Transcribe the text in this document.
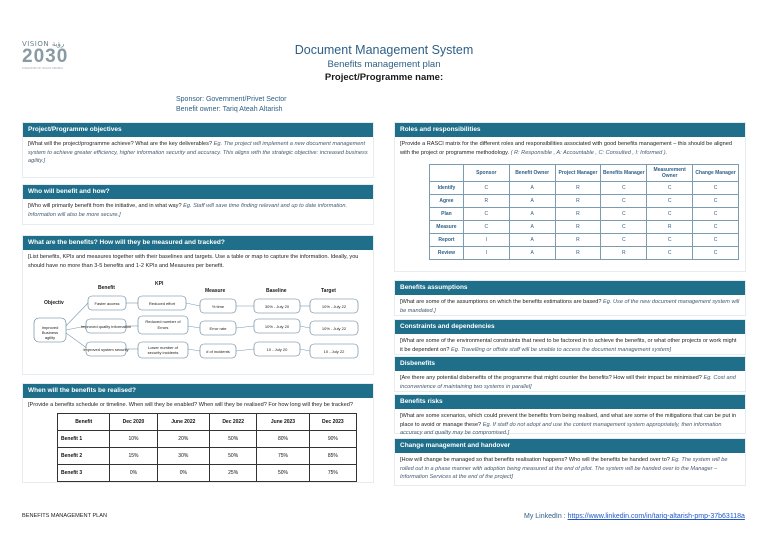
VISION رؤية
2030
KINGDOM OF SAUDI ARABIA
Document Management System
Benefits management plan
Project/Programme name:
Sponsor: Government/Privet Sector
Benefit owner: Tariq Ateah Altarish
Project/Programme objectives
[What will the project/programme achieve? What are the key deliverables? Eg. The project will implement a new document management system to achieve greater efficiency, higher information security and accuracy. This aligns with the strategic objective: increased business agility.]
Who will benefit and how?
[Who will primarily benefit from the initiative, and in what way? Eg. Staff will save time finding relevant and up to date information. Information will also be more secure.]
What are the benefits? How will they be measured and tracked?
[List benefits, KPIs and measures together with their baselines and targets. Use a table or map to capture the information. Ideally, you should have no more than 3-5 benefits and 1-2 KPIs and Measures per benefit.
Objectiv
Benefit
KPI
Measure	Baseline	Target
Improved Business agility
Faster access
Improved quality information
Improved system security
Reduced effort
Reduced number of Errors
Lower number of security incidents
% time
Error rate
# of incidents
30% - July 20
10% - July 20
10 - July 20
10% - July 22
10% - July 22
10 - July 22
When will the benefits be realised?
[Provide a benefits schedule or timeline. When will they be enabled? When will they be realised? For how long will they be tracked?
Benefit	Dec 2020	June 2022	Dec 2022	June 2023	Dec 2023
Benefit 1	10%	20%	50%	80%	90%
Benefit 2	15%	30%	50%	75%	85%
Benefit 3	0%	0%	25%	50%	75%
Roles and responsibilities
[Provide a RASCI matrix for the different roles and responsibilities associated with good benefits management – this should be aligned with the project or programme methodology. ( R: Responsible , A: Accountable , C: Consulted , I: Informed ).
	Sponsor	Benefit Owner	Project Manager	Benefits Manager	Measurement Owner	Change Manager
Identify	C	A	R	C	C	C
Agree	R	A	R	C	C	C
Plan	C	A	R	C	C	C
Measure	C	A	R	C	R	C
Report	I	A	R	C	C	C
Review	I	A	R	R	C	C
Benefits assumptions
[What are some of the assumptions on which the benefits estimations are based? Eg. Use of the new document management system will be mandated.]
Constraints and dependencies
[What are some of the environmental constraints that need to be factored in to achieve the benefits, or what other projects or work might it be dependent on? Eg. Travelling or offsite staff will be unable to access the document management system]
Disbenefits
[Are there any potential disbenefits of the programme that might counter the benefits? How will their impact be minimised? Eg. Cost and inconvenience of maintaining two systems in parallel]
Benefits risks
[What are some scenarios, which could prevent the benefits from being realised, and what are some of the mitigations that can be put in place to avoid or manage these? Eg. If staff do not adopt and use the content management system appropriately, then information accuracy and quality may be compromised.]
Change management and handover
[How will change be managed so that benefits realisation happens? Who will the benefits be handed over to? Eg. The system will be rolled out in a phase manner with adoption being measured at the end of pilot. The system will be handed over to the Manager – Information Services at the end of the project]
BENEFITS MANAGEMENT PLAN	My LinkedIn : https://www.linkedin.com/in/tariq-altarish-pmp-37b63118a
